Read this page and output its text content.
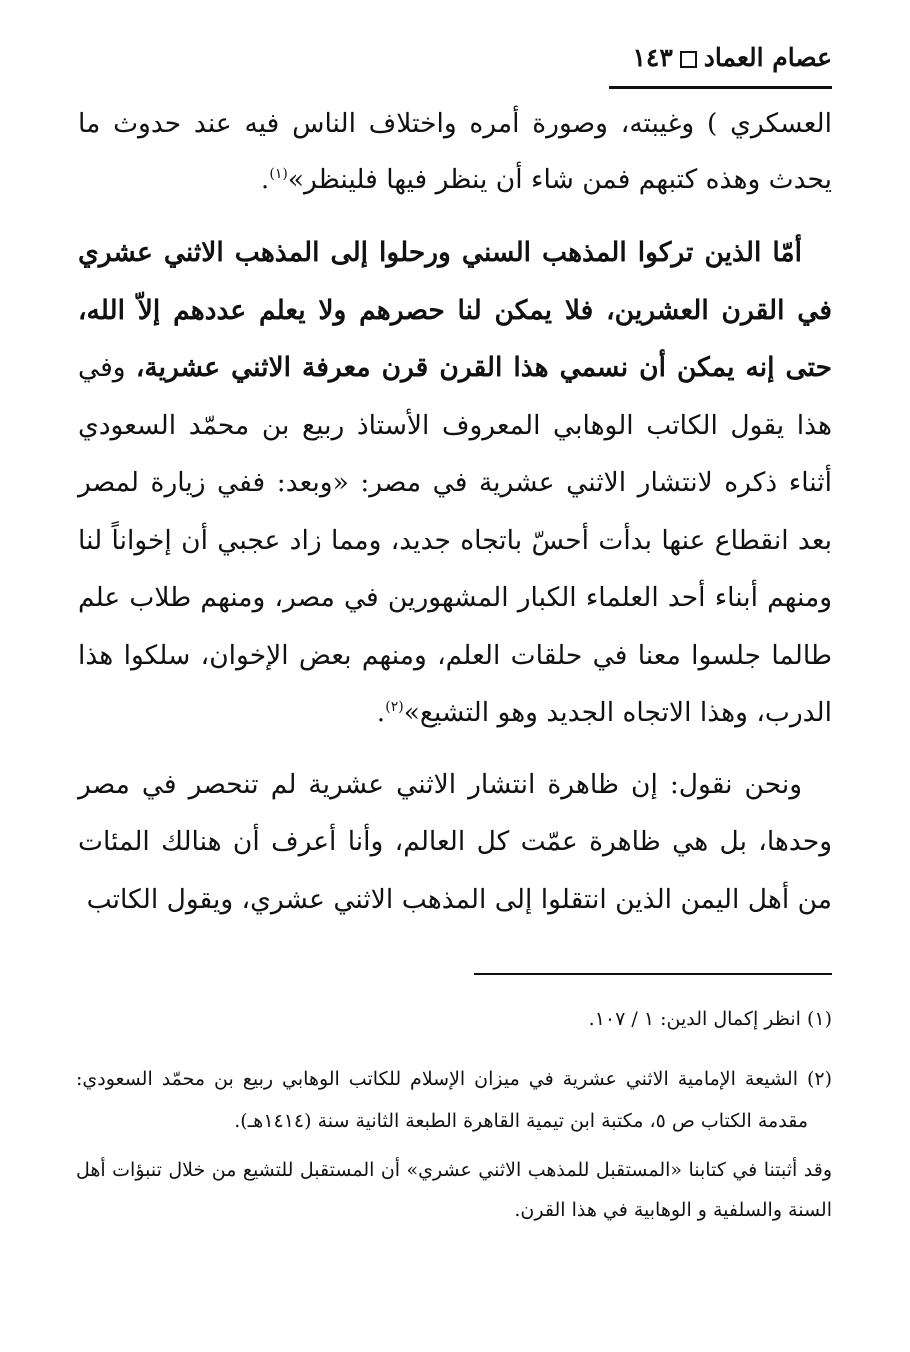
عصام العماد١٤٣

العسكري ) وغيبته، وصورة أمره واختلاف الناس فيه عند حدوث ما يحدث وهذه كتبهم فمن شاء أن ينظر فيها فلينظر»$^{(١)}$.

أمّا الذين تركوا المذهب السني ورحلوا إلى المذهب الاثني عشري في القرن العشرين، فلا يمكن لنا حصرهم ولا يعلم عددهم إلاّ الله، حتى إنه يمكن أن نسمي هذا القرن قرن معرفة الاثني عشرية، وفي هذا يقول الكاتب الوهابي المعروف الأستاذ ربيع بن محمّد السعودي أثناء ذكره لانتشار الاثني عشرية في مصر: «وبعد: ففي زيارة لمصر بعد انقطاع عنها بدأت أحسّ باتجاه جديد، ومما زاد عجبي أن إخواناً لنا ومنهم أبناء أحد العلماء الكبار المشهورين في مصر، ومنهم طلاب علم طالما جلسوا معنا في حلقات العلم، ومنهم بعض الإخوان، سلكوا هذا الدرب، وهذا الاتجاه الجديد وهو التشيع»$^{(٢)}$.

ونحن نقول: إن ظاهرة انتشار الاثني عشرية لم تنحصر في مصر وحدها، بل هي ظاهرة عمّت كل العالم، وأنا أعرف أن هنالك المئات من أهل اليمن الذين انتقلوا إلى المذهب الاثني عشري، ويقول الكاتب

(١) انظر إكمال الدين: ١ / ١٠٧.

(٢) الشيعة الإمامية الاثني عشرية في ميزان الإسلام للكاتب الوهابي ربيع بن محمّد السعودي: مقدمة الكتاب ص ٥، مكتبة ابن تيمية القاهرة الطبعة الثانية سنة (١٤١٤هـ).

وقد أثبتنا في كتابنا «المستقبل للمذهب الاثني عشري» أن المستقبل للتشيع من خلال تنبؤات أهل السنة والسلفية و الوهابية في هذا القرن.
